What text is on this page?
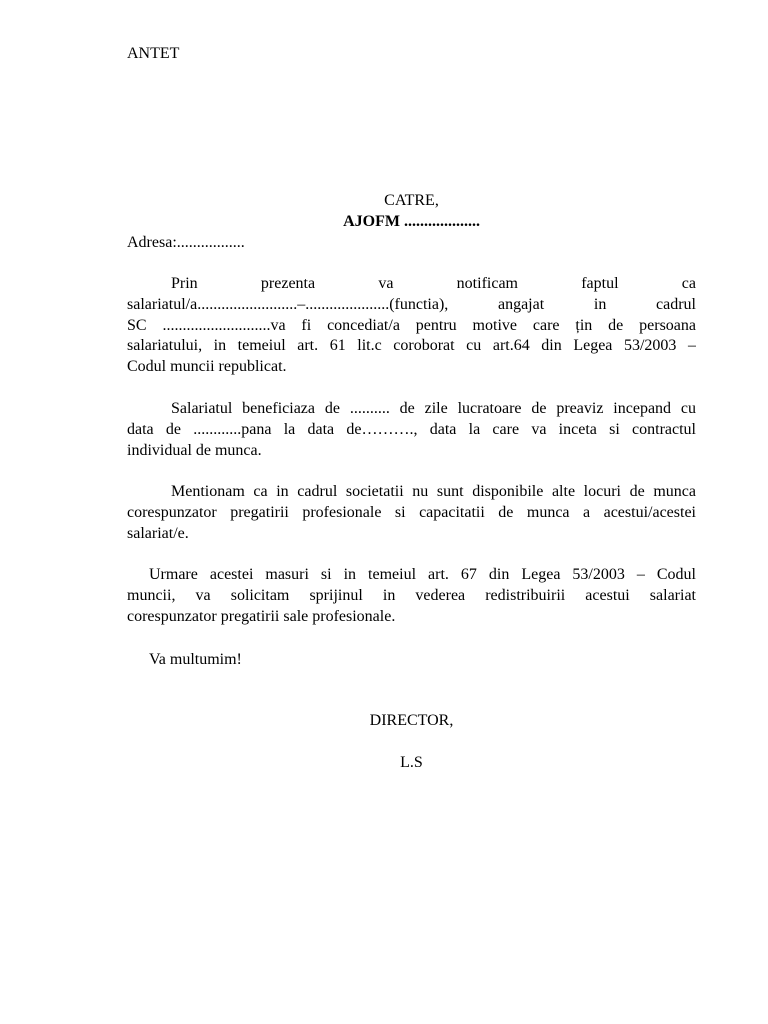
ANTET
CATRE,
AJOFM ...................
Adresa:.................
Prin prezenta va notificam faptul ca
salariatul/a.........................–.....................(functia), angajat in cadrul
SC ...........................va fi concediat/a pentru motive care țin de persoana
salariatului, in temeiul art. 61 lit.c coroborat cu art.64 din Legea 53/2003 –
Codul muncii republicat.
Salariatul beneficiaza de .......... de zile lucratoare de preaviz incepand cu
data de ............pana la data de………., data la care va inceta si contractul
individual de munca.
Mentionam ca in cadrul societatii nu sunt disponibile alte locuri de munca
corespunzator pregatirii profesionale si capacitatii de munca a acestui/acestei
salariat/e.
Urmare acestei masuri si in temeiul art. 67 din Legea 53/2003 – Codul
muncii, va solicitam sprijinul in vederea redistribuirii acestui salariat
corespunzator pregatirii sale profesionale.
Va multumim!
DIRECTOR,
L.S
